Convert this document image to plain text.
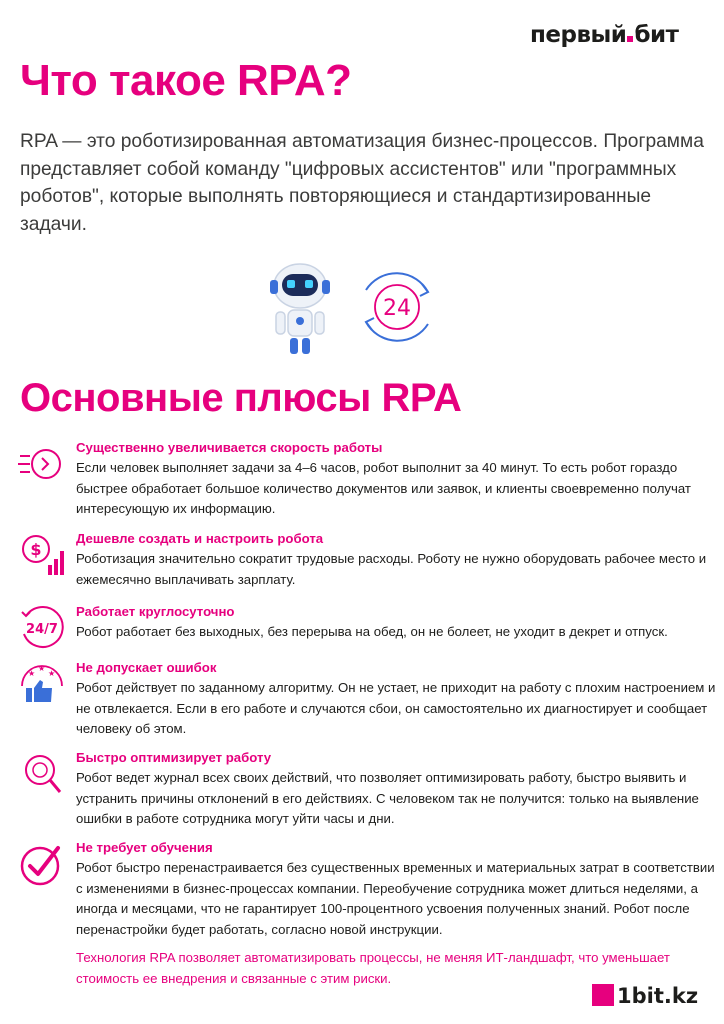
первый бит
Что такое RPA?

RPA — это роботизированная автоматизация бизнес-процессов. Программа представляет собой команду "цифровых ассистентов" или "программных роботов", которые выполнять повторяющиеся и стандартизированные задачи.

24
Основные плюсы RPA

Существенно увеличивается скорость работы

Если человек выполняет задачи за 4–6 часов, робот выполнит за 40 минут. То есть робот гораздо быстрее обработает большое количество документов или заявок, и клиенты своевременно получат интересующую их информацию.

$

Дешевле создать и настроить робота

Роботизация значительно сократит трудовые расходы. Роботу не нужно оборудовать рабочее место и ежемесячно выплачивать зарплату.

24/7

Работает круглосуточно

Робот работает без выходных, без перерыва на обед, он не болеет, не уходит в декрет и отпуск.

★
★
★ Не допускает ошибок

Робот действует по заданному алгоритму. Он не устает, не приходит на работу с плохим настроением и не отвлекается. Если в его работе и случаются сбои, он самостоятельно их диагностирует и сообщает человеку об этом.

Быстро оптимизирует работу

Робот ведет журнал всех своих действий, что позволяет оптимизировать работу, быстро выявить и устранить причины отклонений в его действиях. С человеком так не получится: только на выявление ошибки в работе сотрудника могут уйти часы и дни.

Не требует обучения

Робот быстро перенастраивается без существенных временных и материальных затрат в соответствии с изменениями в бизнес-процессах компании. Переобучение сотрудника может длиться неделями, а иногда и месяцами, что не гарантирует 100-процентного усвоения полученных знаний. Робот после перенастройки будет работать, согласно новой инструкции.

Технология RPA позволяет автоматизировать процессы, не меняя ИТ-ландшафт, что уменьшает стоимость ее внедрения и связанные с этим риски.

1bit.kz
